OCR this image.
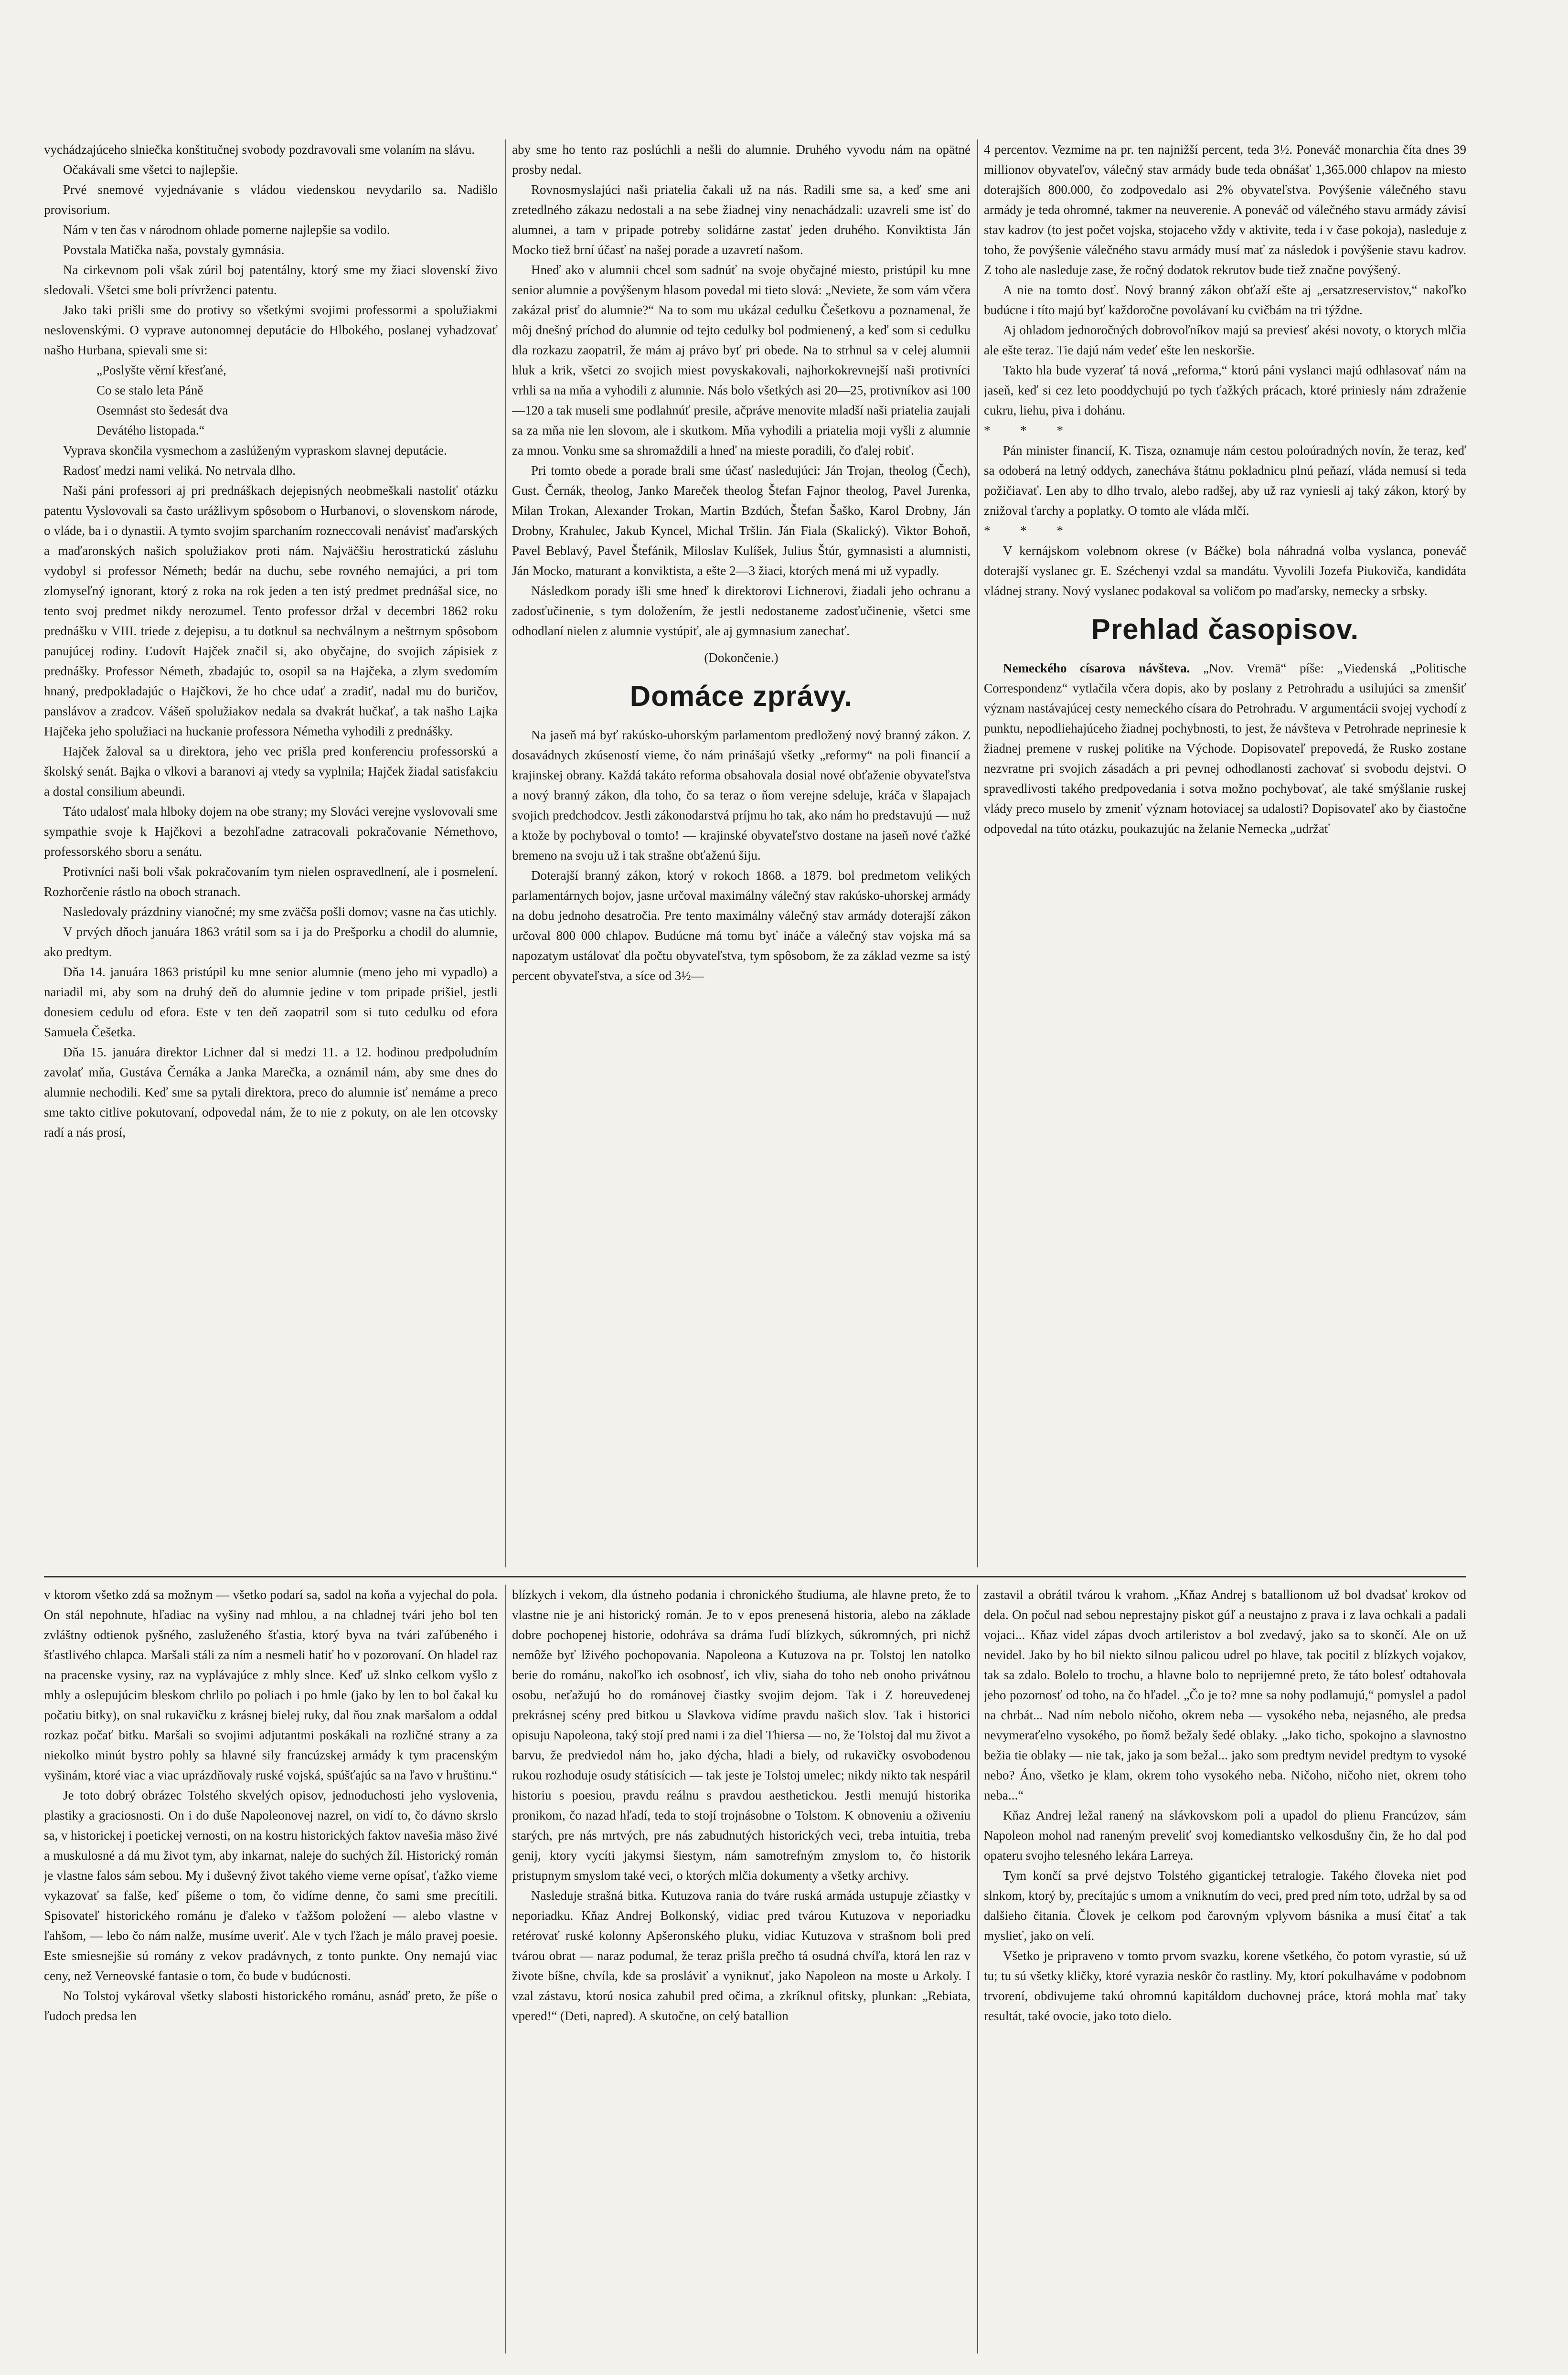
vychádzajúceho slniečka konštitučnej svobody pozdravovali sme volaním na slávu.

Očakávali sme všetci to najlepšie.

Prvé snemové vyjednávanie s vládou viedenskou nevydarilo sa. Nadišlo provisorium.

Nám v ten čas v národnom ohlade pomerne najlepšie sa vodilo.

Povstala Matička naša, povstaly gymnásia.

Na cirkevnom poli však zúril boj patentálny, ktorý sme my žiaci slovenskí živo sledovali. Všetci sme boli prívrženci patentu.

Jako taki prišli sme do protivy so všetkými svojimi professormi a spolužiakmi neslovenskými. O vyprave autonomnej deputácie do Hlbokého, poslanej vyhadzovať našho Hurbana, spievali sme si:

„Poslyšte věrní křesťané,

Co se stalo leta Páně

Osemnást sto šedesát dva

Devátého listopada.“

Vyprava skončila vysmechom a zaslúženým vypraskom slavnej deputácie.

Radosť medzi nami veliká. No netrvala dlho.

Naši páni professori aj pri prednáškach dejepisných neobmeškali nastoliť otázku patentu Vyslovovali sa často urážlivym spôsobom o Hurbanovi, o slovenskom národe, o vláde, ba i o dynastii. A tymto svojim sparchaním rozneccovali nenávisť maďarských a maďaronských našich spolužiakov proti nám. Najväčšiu herostratickú zásluhu vydobyl si professor Németh; bedár na duchu, sebe rovného nemajúci, a pri tom zlomyseľný ignorant, ktorý z roka na rok jeden a ten istý predmet prednášal sice, no tento svoj predmet nikdy nerozumel. Tento professor držal v decembri 1862 roku prednášku v VIII. triede z dejepisu, a tu dotknul sa nechválnym a neštrnym spôsobom panujúcej rodiny. Ľudovít Hajček značil si, ako obyčajne, do svojich zápisiek z prednášky. Professor Németh, zbadajúc to, osopil sa na Hajčeka, a zlym svedomím hnaný, predpokladajúc o Hajčkovi, že ho chce udať a zradiť, nadal mu do buričov, panslávov a zradcov. Vášeň spolužiakov nedala sa dvakrát hučkať, a tak našho Lajka Hajčeka jeho spolužiaci na huckanie professora Németha vyhodili z prednášky.

Hajček žaloval sa u direktora, jeho vec prišla pred konferenciu professorskú a školský senát. Bajka o vlkovi a baranovi aj vtedy sa vyplnila; Hajček žiadal satisfakciu a dostal consilium abeundi.

Táto udalosť mala hlboky dojem na obe strany; my Slováci verejne vyslovovali sme sympathie svoje k Hajčkovi a bezohľadne zatracovali pokračovanie Némethovo, professorského sboru a senátu.

Protivníci naši boli však pokračovaním tym nielen ospravedlnení, ale i posmelení. Rozhorčenie rástlo na oboch stranach.

Nasledovaly prázdniny vianočné; my sme zväčša pošli domov; vasne na čas utichly.

V prvých dňoch januára 1863 vrátil som sa i ja do Prešporku a chodil do alumnie, ako predtym.

Dňa 14. januára 1863 pristúpil ku mne senior alumnie (meno jeho mi vypadlo) a nariadil mi, aby som na druhý deň do alumnie jedine v tom pripade prišiel, jestli donesiem cedulu od efora. Este v ten deň zaopatril som si tuto cedulku od efora Samuela Češetka.

Dňa 15. januára direktor Lichner dal si medzi 11. a 12. hodinou predpoludním zavolať mňa, Gustáva Černáka a Janka Marečka, a oznámil nám, aby sme dnes do alumnie nechodili. Keď sme sa pytali direktora, preco do alumnie isť nemáme a preco sme takto citlive pokutovaní, odpovedal nám, že to nie z pokuty, on ale len otcovsky radí a nás prosí,

aby sme ho tento raz poslúchli a nešli do alumnie. Druhého vyvodu nám na opätné prosby nedal.

Rovnosmyslajúci naši priatelia čakali už na nás. Radili sme sa, a keď sme ani zretedlného zákazu nedostali a na sebe žiadnej viny nenachádzali: uzavreli sme isť do alumnei, a tam v pripade potreby solidárne zastať jeden druhého. Konviktista Ján Mocko tiež brní účasť na našej porade a uzavretí našom.

Hneď ako v alumnii chcel som sadnúť na svoje obyčajné miesto, pristúpil ku mne senior alumnie a povýšenym hlasom povedal mi tieto slová: „Neviete, že som vám včera zakázal prisť do alumnie?“ Na to som mu ukázal cedulku Češetkovu a poznamenal, že môj dnešný príchod do alumnie od tejto cedulky bol podmienený, a keď som si cedulku dla rozkazu zaopatril, že mám aj právo byť pri obede. Na to strhnul sa v celej alumnii hluk a krik, všetci zo svojich miest povyskakovali, najhorkokrevnejší naši protivníci vrhli sa na mňa a vyhodili z alumnie. Nás bolo všetkých asi 20—25, protivníkov asi 100—120 a tak museli sme podlahnúť presile, ačpráve menovite mladší naši priatelia zaujali sa za mňa nie len slovom, ale i skutkom. Mňa vyhodili a priatelia moji vyšli z alumnie za mnou. Vonku sme sa shromaždili a hneď na mieste poradili, čo ďalej robiť.

Pri tomto obede a porade brali sme účasť nasledujúci: Ján Trojan, theolog (Čech), Gust. Černák, theolog, Janko Mareček theolog Štefan Fajnor theolog, Pavel Jurenka, Milan Trokan, Alexander Trokan, Martin Bzdúch, Štefan Šaško, Karol Drobny, Ján Drobny, Krahulec, Jakub Kyncel, Michal Tršlin. Ján Fiala (Skalický). Viktor Bohoň, Pavel Beblavý, Pavel Štefánik, Miloslav Kulíšek, Julius Štúr, gymnasisti a alumnisti, Ján Mocko, maturant a konviktista, a ešte 2—3 žiaci, ktorých mená mi už vypadly.

Následkom porady išli sme hneď k direktorovi Lichnerovi, žiadali jeho ochranu a zadosťučinenie, s tym doložením, že jestli nedostaneme zadosťučinenie, všetci sme odhodlaní nielen z alumnie vystúpiť, ale aj gymnasium zanechať.

(Dokončenie.)

Domáce zprávy.

Na jaseň má byť rakúsko-uhorským parlamentom predložený nový branný zákon. Z dosavádnych zkúseností vieme, čo nám prinášajú všetky „reformy“ na poli financií a krajinskej obrany. Každá takáto reforma obsahovala dosial nové obťaženie obyvateľstva a nový branný zákon, dla toho, čo sa teraz o ňom verejne sdeluje, kráča v šlapajach svojich predchodcov. Jestli zákonodarstvá príjmu ho tak, ako nám ho predstavujú — nuž a ktože by pochyboval o tomto! — krajinské obyvateľstvo dostane na jaseň nové ťažké bremeno na svoju už i tak strašne obťaženú šiju.

Doterajší branný zákon, ktorý v rokoch 1868. a 1879. bol predmetom velikých parlamentárnych bojov, jasne určoval maximálny válečný stav rakúsko-uhorskej armády na dobu jednoho desatročia. Pre tento maximálny válečný stav armády doterajší zákon určoval 800 000 chlapov. Budúcne má tomu byť ináče a válečný stav vojska má sa napozatym ustálovať dla počtu obyvateľstva, tym spôsobom, že za základ vezme sa istý percent obyvateľstva, a síce od 3½—

4 percentov. Vezmime na pr. ten najnižší percent, teda 3½. Poneváč monarchia číta dnes 39 millionov obyvateľov, válečný stav armády bude teda obnášať 1,365.000 chlapov na miesto doterajších 800.000, čo zodpovedalo asi 2% obyvateľstva. Povýšenie válečného stavu armády je teda ohromné, takmer na neuverenie. A poneváč od válečného stavu armády závisí stav kadrov (to jest počet vojska, stojaceho vždy v aktivite, teda i v čase pokoja), nasleduje z toho, že povýšenie válečného stavu armády musí mať za následok i povýšenie stavu kadrov. Z toho ale nasleduje zase, že ročný dodatok rekrutov bude tiež značne povýšený.

A nie na tomto dosť. Nový branný zákon obťaží ešte aj „ersatzreservistov,“ nakoľko budúcne i títo majú byť každoročne povolávaní ku cvičbám na tri týždne.

Aj ohladom jednoročných dobrovoľníkov majú sa previesť akési novoty, o ktorych mlčia ale ešte teraz. Tie dajú nám vedeť ešte len neskoršie.

Takto hla bude vyzerať tá nová „reforma,“ ktorú páni vyslanci majú odhlasovať nám na jaseň, keď si cez leto pooddychujú po tych ťažkých prácach, ktoré priniesly nám zdraženie cukru, liehu, piva i dohánu.

* * *

Pán minister financií, K. Tisza, oznamuje nám cestou poloúradných novín, že teraz, keď sa odoberá na letný oddych, zanecháva štátnu pokladnicu plnú peňazí, vláda nemusí si teda požičiavať. Len aby to dlho trvalo, alebo radšej, aby už raz vyniesli aj taký zákon, ktorý by znižoval ťarchy a poplatky. O tomto ale vláda mlčí.

* * *

V kernájskom volebnom okrese (v Báčke) bola náhradná volba vyslanca, poneváč doterajší vyslanec gr. E. Széchenyi vzdal sa mandátu. Vyvolili Jozefa Piukoviča, kandidáta vládnej strany. Nový vyslanec podakoval sa voličom po maďarsky, nemecky a srbsky.

Prehlad časopisov.

Nemeckého císarova návšteva. „Nov. Vremä“ píše: „Viedenská „Politische Correspondenz“ vytlačila včera dopis, ako by poslany z Petrohradu a usilujúci sa zmenšiť význam nastávajúcej cesty nemeckého císara do Petrohradu. V argumentácii svojej vychodí z punktu, nepodliehajúceho žiadnej pochybnosti, to jest, že návšteva v Petrohrade neprinesie k žiadnej premene v ruskej politike na Východe. Dopisovateľ prepovedá, že Rusko zostane nezvratne pri svojich zásadách a pri pevnej odhodlanosti zachovať si svobodu dejstvi. O spravedlivosti takého predpovedania i sotva možno pochybovať, ale také smýšlanie ruskej vlády preco muselo by zmeniť význam hotoviacej sa udalosti? Dopisovateľ ako by čiastočne odpovedal na túto otázku, poukazujúc na želanie Nemecka „udržať

v ktorom všetko zdá sa možnym — všetko podarí sa, sadol na koňa a vyjechal do pola. On stál nepohnute, hľadiac na vyšiny nad mhlou, a na chladnej tvári jeho bol ten zvláštny odtienok pyšného, zasluženého šťastia, ktorý byva na tvári zaľúbeného i šťastlivého chlapca. Maršali stáli za ním a nesmeli hatiť ho v pozorovaní. On hladel raz na pracenske vysiny, raz na vyplávajúce z mhly slnce. Keď už slnko celkom vyšlo z mhly a oslepujúcim bleskom chrlilo po poliach i po hmle (jako by len to bol čakal ku počatiu bitky), on snal rukavičku z krásnej bielej ruky, dal ňou znak maršalom a oddal rozkaz počať bitku. Maršali so svojimi adjutantmi poskákali na rozličné strany a za niekolko minút bystro pohly sa hlavné sily francúzskej armády k tym pracenským vyšinám, ktoré viac a viac uprázdňovaly ruské vojská, spúšťajúc sa na ľavo v hruštinu.“

Je toto dobrý obrázec Tolstého skvelých opisov, jednoduchosti jeho vyslovenia, plastiky a graciosnosti. On i do duše Napoleonovej nazrel, on vidí to, čo dávno skrslo sa, v historickej i poetickej vernosti, on na kostru historických faktov navešia mäso živé a muskulosné a dá mu život tym, aby inkarnat, naleje do suchých žíl. Historický román je vlastne falos sám sebou. My i duševný život takého vieme verne opísať, ťažko vieme vykazovať sa falše, keď píšeme o tom, čo vidíme denne, čo sami sme precítili. Spisovateľ historického románu je ďaleko v ťažšom položení — alebo vlastne v ľahšom, — lebo čo nám nalže, musíme uveriť. Ale v tych ľžach je málo pravej poesie. Este smiesnejšie sú romány z vekov pradávnych, z tonto punkte. Ony nemajú viac ceny, než Verneovské fantasie o tom, čo bude v budúcnosti.

No Tolstoj vykároval všetky slabosti historického románu, asnáď preto, že píše o ľudoch predsa len

blízkych i vekom, dla ústneho podania i chronického študiuma, ale hlavne preto, že to vlastne nie je ani historický román. Je to v epos prenesená historia, alebo na základe dobre pochopenej historie, odohráva sa dráma ľudí blízkych, súkromných, pri nichž nemôže byť lživého pochopovania. Napoleona a Kutuzova na pr. Tolstoj len natolko berie do románu, nakoľko ich osobnosť, ich vliv, siaha do toho neb onoho privátnou osobu, neťažujú ho do románovej čiastky svojim dejom. Tak i Z horeuvedenej prekrásnej scény pred bitkou u Slavkova vidíme pravdu našich slov. Tak i historici opisuju Napoleona, taký stojí pred nami i za diel Thiersa — no, že Tolstoj dal mu život a barvu, že predviedol nám ho, jako dýcha, hladi a biely, od rukavičky osvobodenou rukou rozhoduje osudy státisícich — tak jeste je Tolstoj umelec; nikdy nikto tak nespáril historiu s poesiou, pravdu reálnu s pravdou aesthetickou. Jestli menujú historika pronikom, čo nazad hľadí, teda to stojí trojnásobne o Tolstom. K obnoveniu a oživeniu starých, pre nás mrtvých, pre nás zabudnutých historických veci, treba intuitia, treba genij, ktory vycíti jakymsi šiestym, nám samotrefným zmyslom to, čo historik pristupnym smyslom také veci, o ktorých mlčia dokumenty a všetky archivy.

Nasleduje strašná bitka. Kutuzova rania do tváre ruská armáda ustupuje zčiastky v neporiadku. Kňaz Andrej Bolkonský, vidiac pred tvárou Kutuzova v neporiadku retérovať ruské kolonny Apšeronského pluku, vidiac Kutuzova v strašnom boli pred tvárou obrat — naraz podumal, že teraz prišla prečho tá osudná chvíľa, ktorá len raz v živote bíšne, chvíla, kde sa prosláviť a vyniknuť, jako Napoleon na moste u Arkoly. I vzal zástavu, ktorú nosica zahubil pred očima, a zkríknul ofitsky, plunkan: „Rebiata, vpered!“ (Deti, napred). A skutočne, on celý batallion

zastavil a obrátil tvárou k vrahom. „Kňaz Andrej s batallionom už bol dvadsať krokov od dela. On počul nad sebou neprestajny piskot gúľ a neustajno z prava i z lava ochkali a padali vojaci... Kňaz videl zápas dvoch artileristov a bol zvedavý, jako sa to skončí. Ale on už nevidel. Jako by ho bil niekto silnou palicou udrel po hlave, tak pocitil z blízkych vojakov, tak sa zdalo. Bolelo to trochu, a hlavne bolo to neprijemné preto, že táto bolesť odtahovala jeho pozornosť od toho, na čo hľadel. „Čo je to? mne sa nohy podlamujú,“ pomyslel a padol na chrbát... Nad ním nebolo ničoho, okrem neba — vysokého neba, nejasného, ale predsa nevymeraťelno vysokého, po ňomž bežaly šedé oblaky. „Jako ticho, spokojno a slavnostno bežia tie oblaky — nie tak, jako ja som bežal... jako som predtym nevidel predtym to vysoké nebo? Áno, všetko je klam, okrem toho vysokého neba. Ničoho, ničoho niet, okrem toho neba...“

Kňaz Andrej ležal ranený na slávkovskom poli a upadol do plienu Francúzov, sám Napoleon mohol nad raneným preveliť svoj komediantsko velkosdušny čin, že ho dal pod opateru svojho telesného lekára Larreya.

Tym končí sa prvé dejstvo Tolstého gigantickej tetralogie. Takého človeka niet pod slnkom, ktorý by, precítajúc s umom a vniknutím do veci, pred pred ním toto, udržal by sa od dalšieho čitania. Človek je celkom pod čarovným vplyvom básnika a musí čitať a tak myslieť, jako on velí.

Všetko je pripraveno v tomto prvom svazku, korene všetkého, čo potom vyrastie, sú už tu; tu sú všetky kličky, ktoré vyrazia neskôr čo rastliny. My, ktorí pokulhaváme v podobnom trvorení, obdivujeme takú ohromnú kapitáldom duchovnej práce, ktorá mohla mať taky resultát, také ovocie, jako toto dielo.
